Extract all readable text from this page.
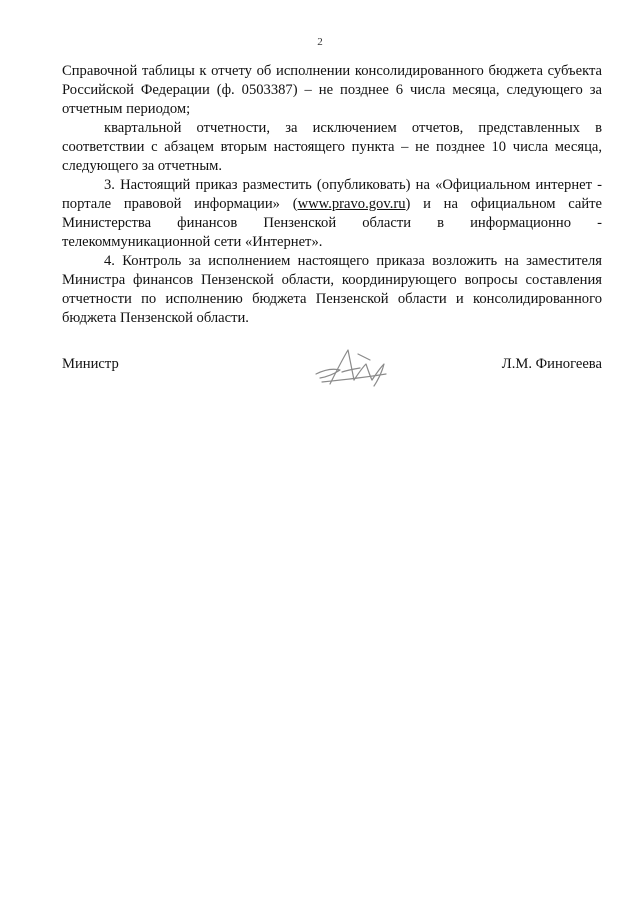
2

Справочной таблицы к отчету об исполнении консолидированного бюджета субъекта Российской Федерации (ф. 0503387) – не позднее 6 числа месяца, следующего за отчетным периодом;

квартальной отчетности, за исключением отчетов, представленных в соответствии с абзацем вторым настоящего пункта – не позднее 10 числа месяца, следующего за отчетным.

3. Настоящий приказ разместить (опубликовать) на «Официальном интернет - портале правовой информации» (www.pravo.gov.ru) и на официальном сайте Министерства финансов Пензенской области в информационно - телекоммуникационной сети «Интернет».

4. Контроль за исполнением настоящего приказа возложить на заместителя Министра финансов Пензенской области, координирующего вопросы составления отчетности по исполнению бюджета Пензенской области и консолидированного бюджета Пензенской области.

Министр	Л.М. Финогеева
